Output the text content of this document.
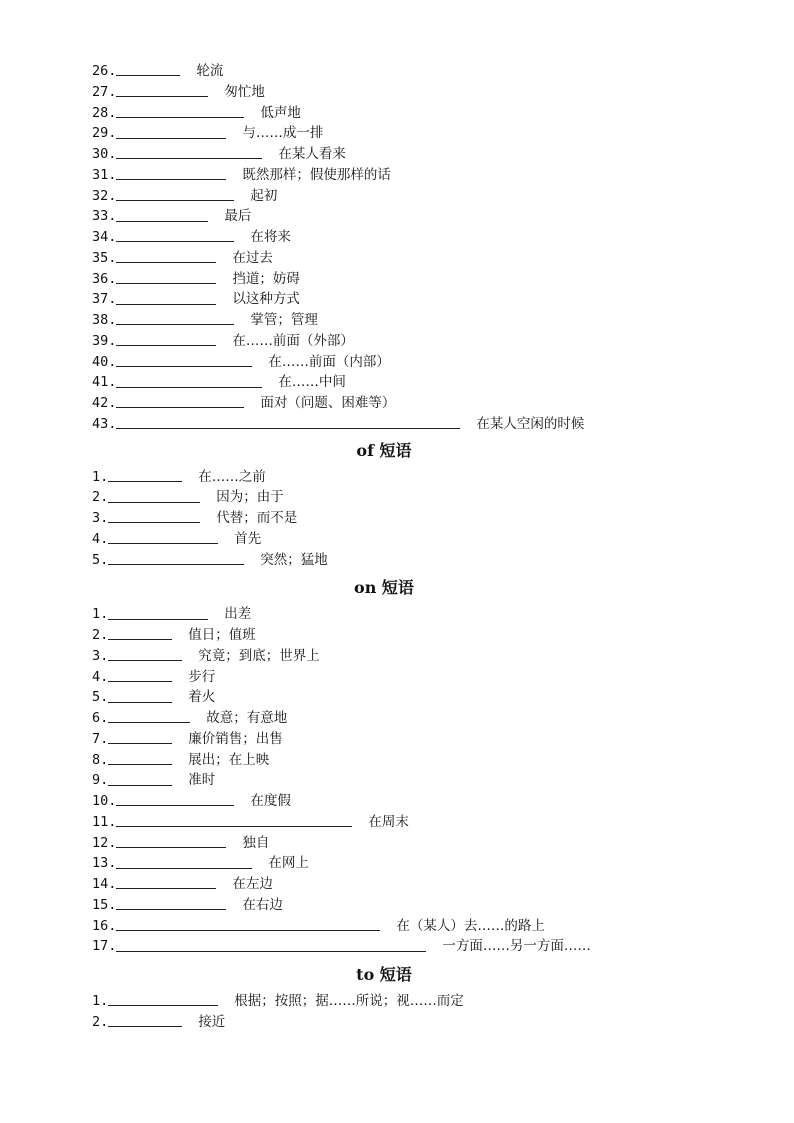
26.	轮流
27.	匆忙地
28.	低声地
29.	与……成一排
30.	在某人看来
31.	既然那样；假使那样的话
32.	起初
33.	最后
34.	在将来
35.	在过去
36.	挡道；妨碍
37.	以这种方式
38.	掌管；管理
39.	在……前面（外部）
40.	在……前面（内部）
41.	在……中间
42.	面对（问题、困难等）
43.	在某人空闲的时候
of 短语
1.	在……之前
2.	因为；由于
3.	代替；而不是
4.	首先
5.	突然；猛地
on 短语
1.	出差
2.	值日；值班
3.	究竟；到底；世界上
4.	步行
5.	着火
6.	故意；有意地
7.	廉价销售；出售
8.	展出；在上映
9.	准时
10.	在度假
11.	在周末
12.	独自
13.	在网上
14.	在左边
15.	在右边
16.	在（某人）去……的路上
17.	一方面……另一方面……
to 短语
1.	根据；按照；据……所说；视……而定
2.	接近
